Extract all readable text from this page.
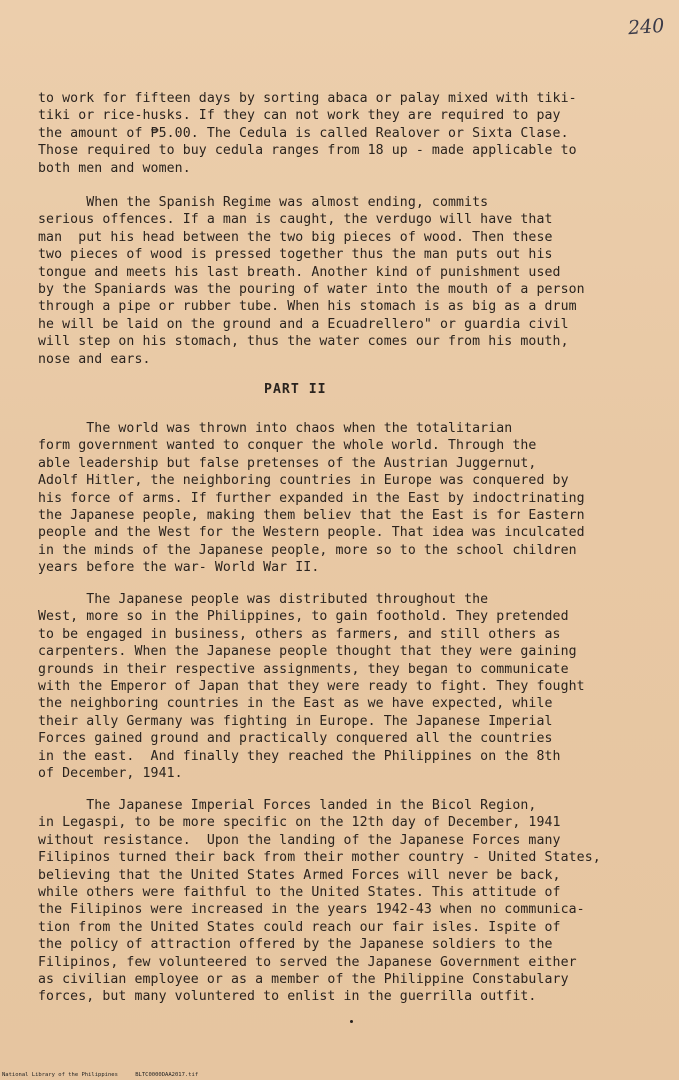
240

to work for fifteen days by sorting abaca or palay mixed with tiki-

tiki or rice-husks. If they can not work they are required to pay

the amount of ₱5.00. The Cedula is called Realover or Sixta Clase.

Those required to buy cedula ranges from 18 up - made applicable to

both men and women.

When the Spanish Regime was almost ending, commits

serious offences. If a man is caught, the verdugo will have that

man  put his head between the two big pieces of wood. Then these

two pieces of wood is pressed together thus the man puts out his

tongue and meets his last breath. Another kind of punishment used

by the Spaniards was the pouring of water into the mouth of a person

through a pipe or rubber tube. When his stomach is as big as a drum

he will be laid on the ground and a Ecuadrellero" or guardia civil

will step on his stomach, thus the water comes our from his mouth,

nose and ears.

PART II

The world was thrown into chaos when the totalitarian

form government wanted to conquer the whole world. Through the

able leadership but false pretenses of the Austrian Juggernut,

Adolf Hitler, the neighboring countries in Europe was conquered by

his force of arms. If further expanded in the East by indoctrinating

the Japanese people, making them believ that the East is for Eastern

people and the West for the Western people. That idea was inculcated

in the minds of the Japanese people, more so to the school children

years before the war- World War II.

The Japanese people was distributed throughout the

West, more so in the Philippines, to gain foothold. They pretended

to be engaged in business, others as farmers, and still others as

carpenters. When the Japanese people thought that they were gaining

grounds in their respective assignments, they began to communicate

with the Emperor of Japan that they were ready to fight. They fought

the neighboring countries in the East as we have expected, while

their ally Germany was fighting in Europe. The Japanese Imperial

Forces gained ground and practically conquered all the countries

in the east.  And finally they reached the Philippines on the 8th

of December, 1941.

The Japanese Imperial Forces landed in the Bicol Region,

in Legaspi, to be more specific on the 12th day of December, 1941

without resistance.  Upon the landing of the Japanese Forces many

Filipinos turned their back from their mother country - United States,

believing that the United States Armed Forces will never be back,

while others were faithful to the United States. This attitude of

the Filipinos were increased in the years 1942-43 when no communica-

tion from the United States could reach our fair isles. Ispite of

the policy of attraction offered by the Japanese soldiers to the

Filipinos, few volunteered to served the Japanese Government either

as civilian employee or as a member of the Philippine Constabulary

forces, but many voluntered to enlist in the guerrilla outfit.

National Library of the Philippines	BLTC0000DAA2017.tif
